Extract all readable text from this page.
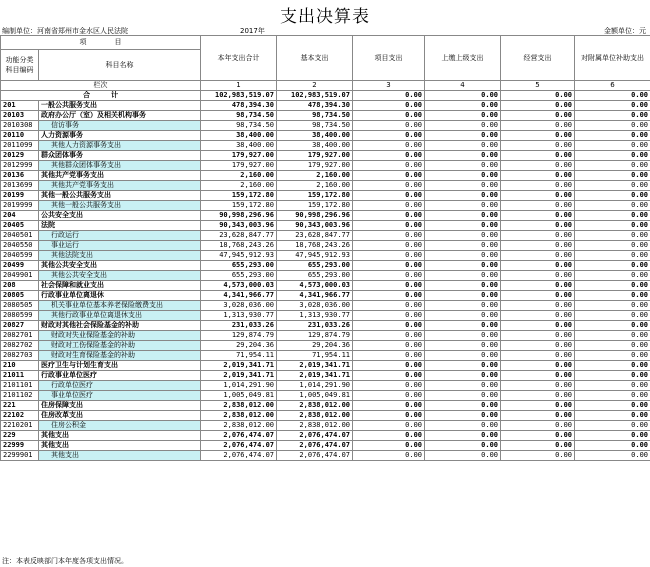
支出决算表
编制单位：河南省郑州市金水区人民法院	2017年	金额单位：元
项　　　　目		本年支出合计	基本支出	项目支出	上缴上级支出	经营支出	对附属单位补助支出
功能分类
科目编码	科目名称						
栏次		1	2	3	4	5	6
合　　　计		102,983,519.07	102,983,519.07	0.00	0.00	0.00	0.00
201	一般公共服务支出	478,394.30	478,394.30	0.00	0.00	0.00	0.00
20103	政府办公厅（室）及相关机构事务	98,734.50	98,734.50	0.00	0.00	0.00	0.00
2010308	信访事务	98,734.50	98,734.50	0.00	0.00	0.00	0.00
20110	人力资源事务	38,400.00	38,400.00	0.00	0.00	0.00	0.00
2011099	其他人力资源事务支出	38,400.00	38,400.00	0.00	0.00	0.00	0.00
20129	群众团体事务	179,927.00	179,927.00	0.00	0.00	0.00	0.00
2012999	其他群众团体事务支出	179,927.00	179,927.00	0.00	0.00	0.00	0.00
20136	其他共产党事务支出	2,160.00	2,160.00	0.00	0.00	0.00	0.00
2013699	其他共产党事务支出	2,160.00	2,160.00	0.00	0.00	0.00	0.00
20199	其他一般公共服务支出	159,172.80	159,172.80	0.00	0.00	0.00	0.00
2019999	其他一般公共服务支出	159,172.80	159,172.80	0.00	0.00	0.00	0.00
204	公共安全支出	90,998,296.96	90,998,296.96	0.00	0.00	0.00	0.00
20405	法院	90,343,003.96	90,343,003.96	0.00	0.00	0.00	0.00
2040501	行政运行	23,628,847.77	23,628,847.77	0.00	0.00	0.00	0.00
2040550	事业运行	18,768,243.26	18,768,243.26	0.00	0.00	0.00	0.00
2040599	其他法院支出	47,945,912.93	47,945,912.93	0.00	0.00	0.00	0.00
20499	其他公共安全支出	655,293.00	655,293.00	0.00	0.00	0.00	0.00
2049901	其他公共安全支出	655,293.00	655,293.00	0.00	0.00	0.00	0.00
208	社会保障和就业支出	4,573,000.03	4,573,000.03	0.00	0.00	0.00	0.00
20805	行政事业单位离退休	4,341,966.77	4,341,966.77	0.00	0.00	0.00	0.00
2080505	机关事业单位基本养老保险缴费支出	3,028,036.00	3,028,036.00	0.00	0.00	0.00	0.00
2080599	其他行政事业单位离退休支出	1,313,930.77	1,313,930.77	0.00	0.00	0.00	0.00
20827	财政对其他社会保险基金的补助	231,033.26	231,033.26	0.00	0.00	0.00	0.00
2082701	财政对失业保险基金的补助	129,874.79	129,874.79	0.00	0.00	0.00	0.00
2082702	财政对工伤保险基金的补助	29,204.36	29,204.36	0.00	0.00	0.00	0.00
2082703	财政对生育保险基金的补助	71,954.11	71,954.11	0.00	0.00	0.00	0.00
210	医疗卫生与计划生育支出	2,019,341.71	2,019,341.71	0.00	0.00	0.00	0.00
21011	行政事业单位医疗	2,019,341.71	2,019,341.71	0.00	0.00	0.00	0.00
2101101	行政单位医疗	1,014,291.90	1,014,291.90	0.00	0.00	0.00	0.00
2101102	事业单位医疗	1,005,049.81	1,005,049.81	0.00	0.00	0.00	0.00
221	住房保障支出	2,838,012.00	2,838,012.00	0.00	0.00	0.00	0.00
22102	住房改革支出	2,838,012.00	2,838,012.00	0.00	0.00	0.00	0.00
2210201	住房公积金	2,838,012.00	2,838,012.00	0.00	0.00	0.00	0.00
229	其他支出	2,076,474.07	2,076,474.07	0.00	0.00	0.00	0.00
22999	其他支出	2,076,474.07	2,076,474.07	0.00	0.00	0.00	0.00
2299901	其他支出	2,076,474.07	2,076,474.07	0.00	0.00	0.00	0.00
注：本表反映部门本年度各项支出情况。
